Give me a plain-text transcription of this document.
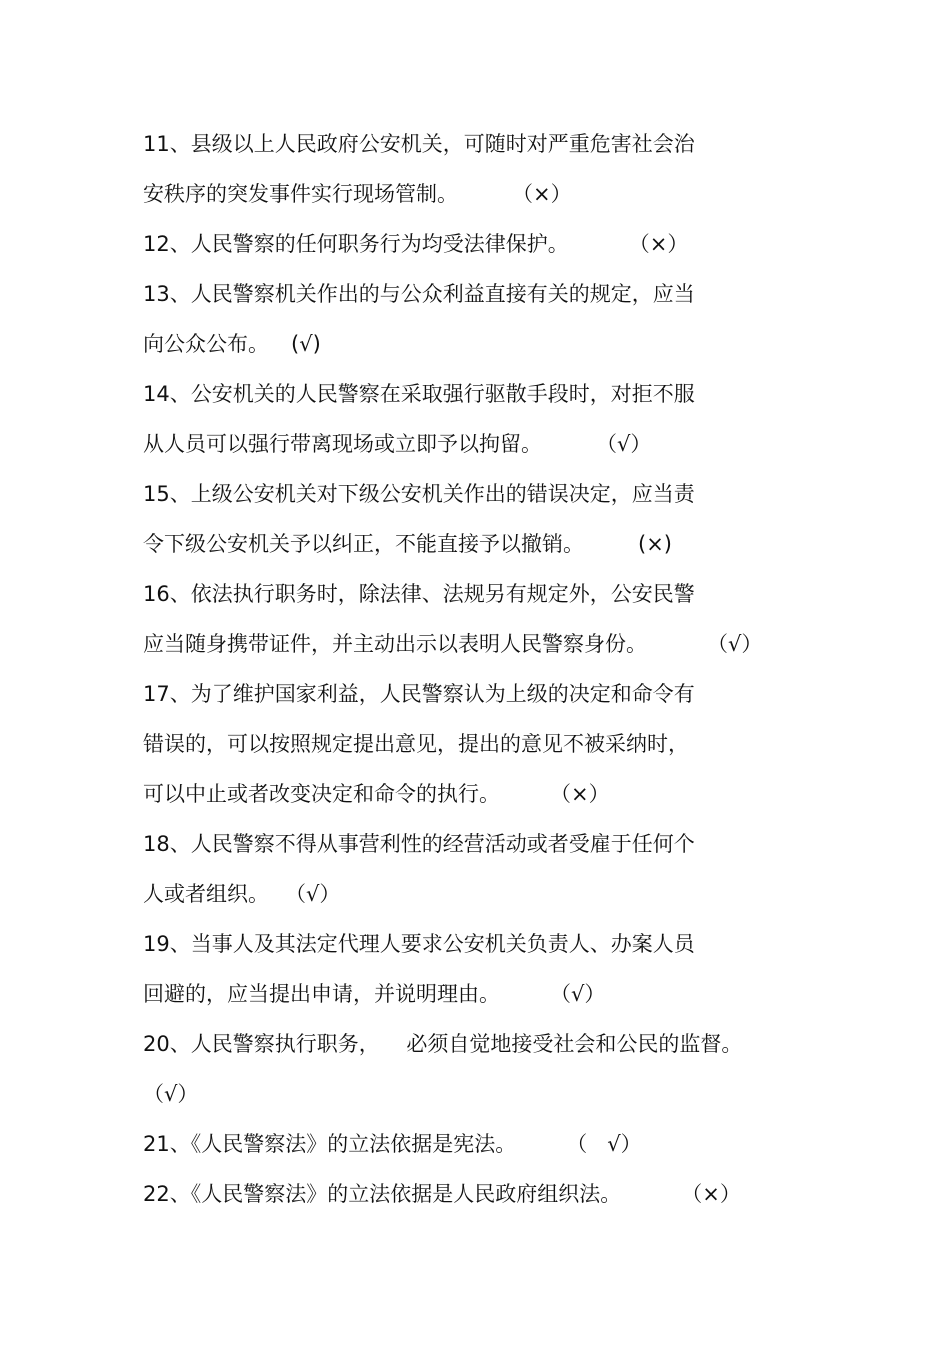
11、县级以上人民政府公安机关，可随时对严重危害社会治
安秩序的突发事件实行现场管制。	（×）
12、人民警察的任何职务行为均受法律保护。	（×）
13、人民警察机关作出的与公众利益直接有关的规定，应当
向公众公布。 (√)
14、公安机关的人民警察在采取强行驱散手段时，对拒不服
从人员可以强行带离现场或立即予以拘留。	（√）
15、上级公安机关对下级公安机关作出的错误决定，应当责
令下级公安机关予以纠正，不能直接予以撤销。	(×)
16、依法执行职务时，除法律、法规另有规定外，公安民警
应当随身携带证件，并主动出示以表明人民警察身份。	（√）
17、为了维护国家利益，人民警察认为上级的决定和命令有
错误的，可以按照规定提出意见，提出的意见不被采纳时，
可以中止或者改变决定和命令的执行。 （×）
18、人民警察不得从事营利性的经营活动或者受雇于任何个
人或者组织。 （√）
19、当事人及其法定代理人要求公安机关负责人、办案人员
回避的，应当提出申请，并说明理由。 （√）
20、人民警察执行职务，    必须自觉地接受社会和公民的监督。
（√）
21、《人民警察法》的立法依据是宪法。 （   √）
22、《人民警察法》的立法依据是人民政府组织法。	（×）
